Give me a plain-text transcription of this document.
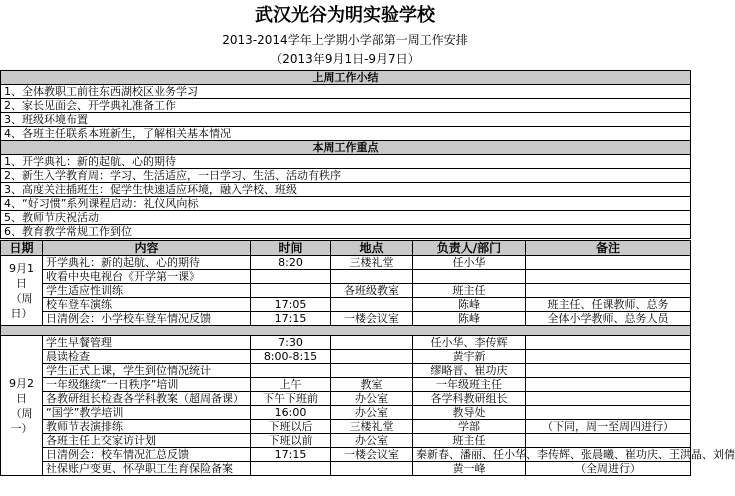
武汉光谷为明实验学校
2013-2014学年上学期小学部第一周工作安排
（2013年9月1日-9月7日）
上周工作小结
1、全体教职工前往东西湖校区业务学习
2、家长见面会、开学典礼准备工作
3、班级环境布置
4、各班主任联系本班新生，了解相关基本情况
本周工作重点
1、开学典礼：新的起航、心的期待
2、新生入学教育周：学习、生活适应，一日学习、生活、活动有秩序
3、高度关注插班生：促学生快速适应环境，融入学校、班级
4、“好习惯”系列课程启动：礼仪风向标
5、教师节庆祝活动
6、教育教学常规工作到位
日期	内容	时间	地点	负责人/部门	备注

9月1日
（周日）	开学典礼：新的起航、心的期待	8:20	三楼礼堂	任小华	
	收看中央电视台《开学第一课》				
	学生适应性训练		各班级教室	班主任	
	校车登车演练	17:05		陈峰	班主任、任课教师、总务
	日清例会：小学校车登车情况反馈	17:15	一楼会议室	陈峰	全体小学教师、总务人员

9月2日
（周一）	学生早餐管理	7:30		任小华、李传辉	
	晨读检查	8:00-8:15		黄宇新	
	学生正式上课，学生到位情况统计			缪略晋、崔功庆	
	一年级继续“一日秩序”培训	上午	教室	一年级班主任	
	各教研组长检查各学科教案（超周备课）	下午下班前	办公室	各学科教研组长	
	“国学”教学培训	16:00	办公室	教导处	
	教师节表演排练	下班以后	三楼礼堂	学部	（下同，周一至周四进行）
	各班主任上交家访计划	下班以前	办公室	班主任	
	日清例会：校车情况汇总反馈	17:15	一楼会议室	秦新春、潘丽、任小华、李传辉、张晨曦、崔功庆、王洪晶、刘倩	
	社保账户变更、怀孕职工生育保险备案			黄一峰	（全周进行）
